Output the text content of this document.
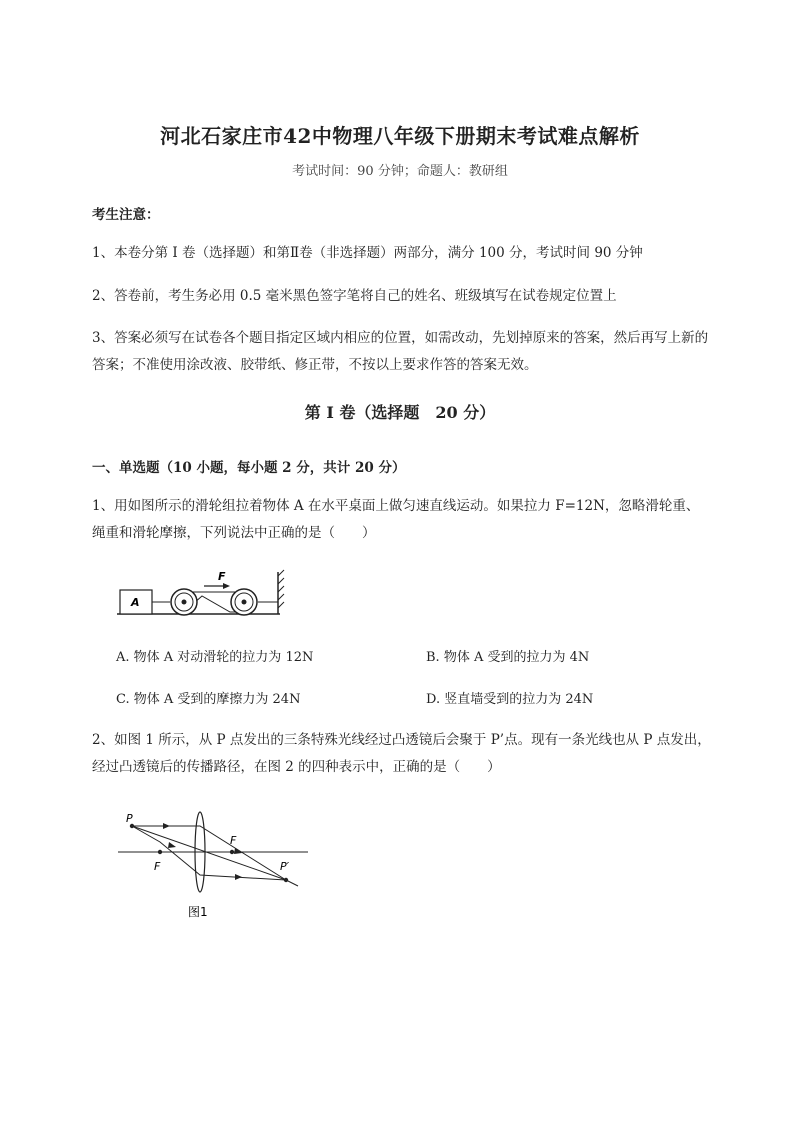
河北石家庄市42中物理八年级下册期末考试难点解析
考试时间：90 分钟；命题人：教研组
考生注意：
1、本卷分第 I 卷（选择题）和第Ⅱ卷（非选择题）两部分，满分 100 分，考试时间 90 分钟
2、答卷前，考生务必用 0.5 毫米黑色签字笔将自己的姓名、班级填写在试卷规定位置上
3、答案必须写在试卷各个题目指定区域内相应的位置，如需改动，先划掉原来的答案，然后再写上新的答案；不准使用涂改液、胶带纸、修正带，不按以上要求作答的答案无效。
第 I 卷（选择题　20 分）
一、单选题（10 小题，每小题 2 分，共计 20 分）
1、用如图所示的滑轮组拉着物体 A 在水平桌面上做匀速直线运动。如果拉力 F=12N，忽略滑轮重、绳重和滑轮摩擦，下列说法中正确的是（　　）
A
F
A. 物体 A 对动滑轮的拉力为 12N	B. 物体 A 受到的拉力为 4N
C. 物体 A 受到的摩擦力为 24N	D. 竖直墙受到的拉力为 24N
2、如图 1 所示，从 P 点发出的三条特殊光线经过凸透镜后会聚于 P’点。现有一条光线也从 P 点发出，经过凸透镜后的传播路径，在图 2 的四种表示中，正确的是（　　）
P
F
F	P′
图1
